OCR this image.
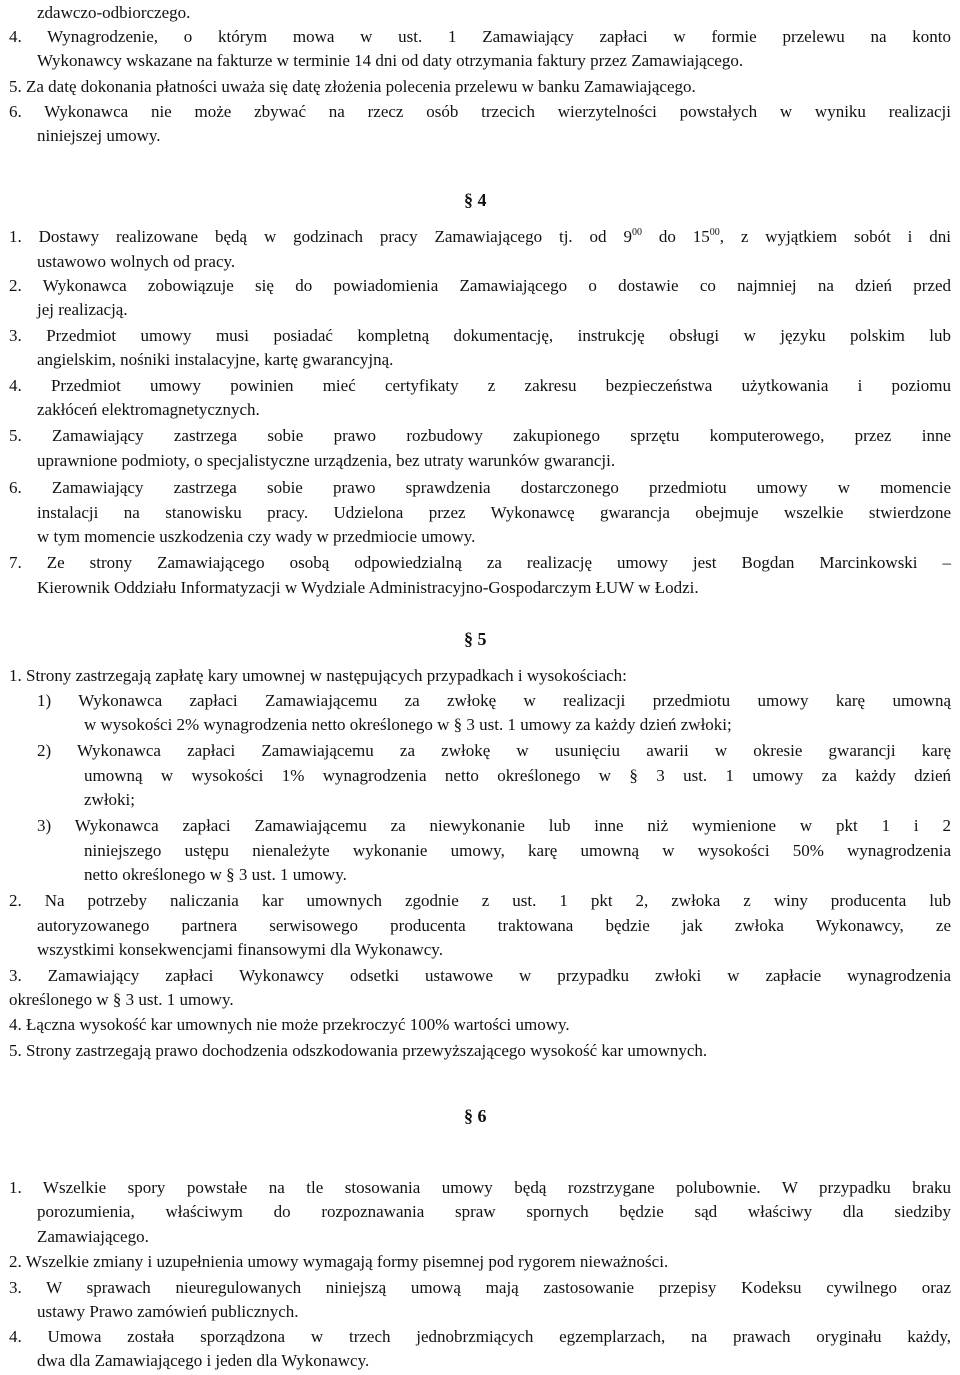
zdawczo-odbiorczego.
4. Wynagrodzenie, o którym mowa w ust. 1 Zamawiający zapłaci w formie przelewu na konto
Wykonawcy wskazane na fakturze w terminie 14 dni od daty otrzymania faktury przez Zamawiającego.
5. Za datę dokonania płatności uważa się datę złożenia polecenia przelewu w banku Zamawiającego.
6. Wykonawca nie może zbywać na rzecz osób trzecich wierzytelności powstałych w wyniku realizacji
niniejszej umowy.
§ 4
1. Dostawy realizowane będą w godzinach pracy Zamawiającego tj. od $9^{00}$ do $15^{00}$, z wyjątkiem sobót i dni
ustawowo wolnych od pracy.
2. Wykonawca zobowiązuje się do powiadomienia Zamawiającego o dostawie co najmniej na dzień przed
jej realizacją.
3. Przedmiot umowy musi posiadać kompletną dokumentację, instrukcję obsługi w języku polskim lub
angielskim, nośniki instalacyjne, kartę gwarancyjną.
4. Przedmiot umowy powinien mieć certyfikaty z zakresu bezpieczeństwa użytkowania i poziomu
zakłóceń elektromagnetycznych.
5. Zamawiający zastrzega sobie prawo rozbudowy zakupionego sprzętu komputerowego, przez inne
uprawnione podmioty, o specjalistyczne urządzenia, bez utraty warunków gwarancji.
6. Zamawiający zastrzega sobie prawo sprawdzenia dostarczonego przedmiotu umowy w momencie
instalacji na stanowisku pracy. Udzielona przez Wykonawcę gwarancja obejmuje wszelkie stwierdzone
w tym momencie uszkodzenia czy wady w przedmiocie umowy.
7. Ze strony Zamawiającego osobą odpowiedzialną za realizację umowy jest Bogdan Marcinkowski –
Kierownik Oddziału Informatyzacji w Wydziale Administracyjno-Gospodarczym ŁUW w Łodzi.
§ 5
1. Strony zastrzegają zapłatę kary umownej w następujących przypadkach i wysokościach:
1) Wykonawca zapłaci Zamawiającemu za zwłokę w realizacji przedmiotu umowy karę umowną
w wysokości 2% wynagrodzenia netto określonego w § 3 ust. 1 umowy za każdy dzień zwłoki;
2) Wykonawca zapłaci Zamawiającemu za zwłokę w usunięciu awarii w okresie gwarancji karę
umowną w wysokości 1% wynagrodzenia netto określonego w § 3 ust. 1 umowy za każdy dzień
zwłoki;
3) Wykonawca zapłaci Zamawiającemu za niewykonanie lub inne niż wymienione w pkt 1 i 2
niniejszego ustępu nienależyte wykonanie umowy, karę umowną w wysokości 50% wynagrodzenia
netto określonego w § 3 ust. 1 umowy.
2. Na potrzeby naliczania kar umownych zgodnie z ust. 1 pkt 2, zwłoka z winy producenta lub
autoryzowanego partnera serwisowego producenta traktowana będzie jak zwłoka Wykonawcy, ze
wszystkimi konsekwencjami finansowymi dla Wykonawcy.
3. Zamawiający zapłaci Wykonawcy odsetki ustawowe w przypadku zwłoki w zapłacie wynagrodzenia
określonego w § 3 ust. 1 umowy.
4. Łączna wysokość kar umownych nie może przekroczyć 100% wartości umowy.
5. Strony zastrzegają prawo dochodzenia odszkodowania przewyższającego wysokość kar umownych.
§ 6
1. Wszelkie spory powstałe na tle stosowania umowy będą rozstrzygane polubownie. W przypadku braku
porozumienia, właściwym do rozpoznawania spraw spornych będzie sąd właściwy dla siedziby
Zamawiającego.
2. Wszelkie zmiany i uzupełnienia umowy wymagają formy pisemnej pod rygorem nieważności.
3. W sprawach nieuregulowanych niniejszą umową mają zastosowanie przepisy Kodeksu cywilnego oraz
ustawy Prawo zamówień publicznych.
4. Umowa została sporządzona w trzech jednobrzmiących egzemplarzach, na prawach oryginału każdy,
dwa dla Zamawiającego i jeden dla Wykonawcy.
